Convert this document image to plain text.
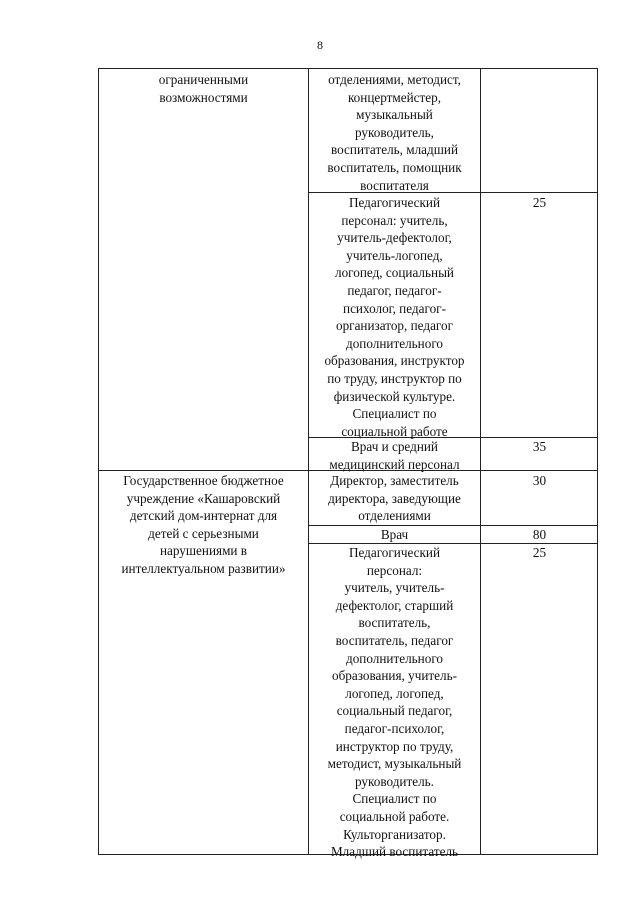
8
ограниченными
возможностями
отделениями, методист,
концертмейстер,
музыкальный
руководитель,
воспитатель, младший
воспитатель, помощник
воспитателя
Педагогический
персонал: учитель,
учитель-дефектолог,
учитель-логопед,
логопед, социальный
педагог, педагог-
психолог, педагог-
организатор, педагог
дополнительного
образования, инструктор
по труду, инструктор по
физической культуре.
Специалист по
социальной работе
25
Врач и средний
медицинский персонал
35
Государственное бюджетное
учреждение «Кашаровский
детский дом-интернат для
детей с серьезными
нарушениями в
интеллектуальном развитии»
Директор, заместитель
директора, заведующие
отделениями
30
Врач	80
Педагогический
персонал:
учитель, учитель-
дефектолог, старший
воспитатель,
воспитатель, педагог
дополнительного
образования, учитель-
логопед, логопед,
социальный педагог,
педагог-психолог,
инструктор по труду,
методист, музыкальный
руководитель.
Специалист по
социальной работе.
Культорганизатор.
Младший воспитатель
25
